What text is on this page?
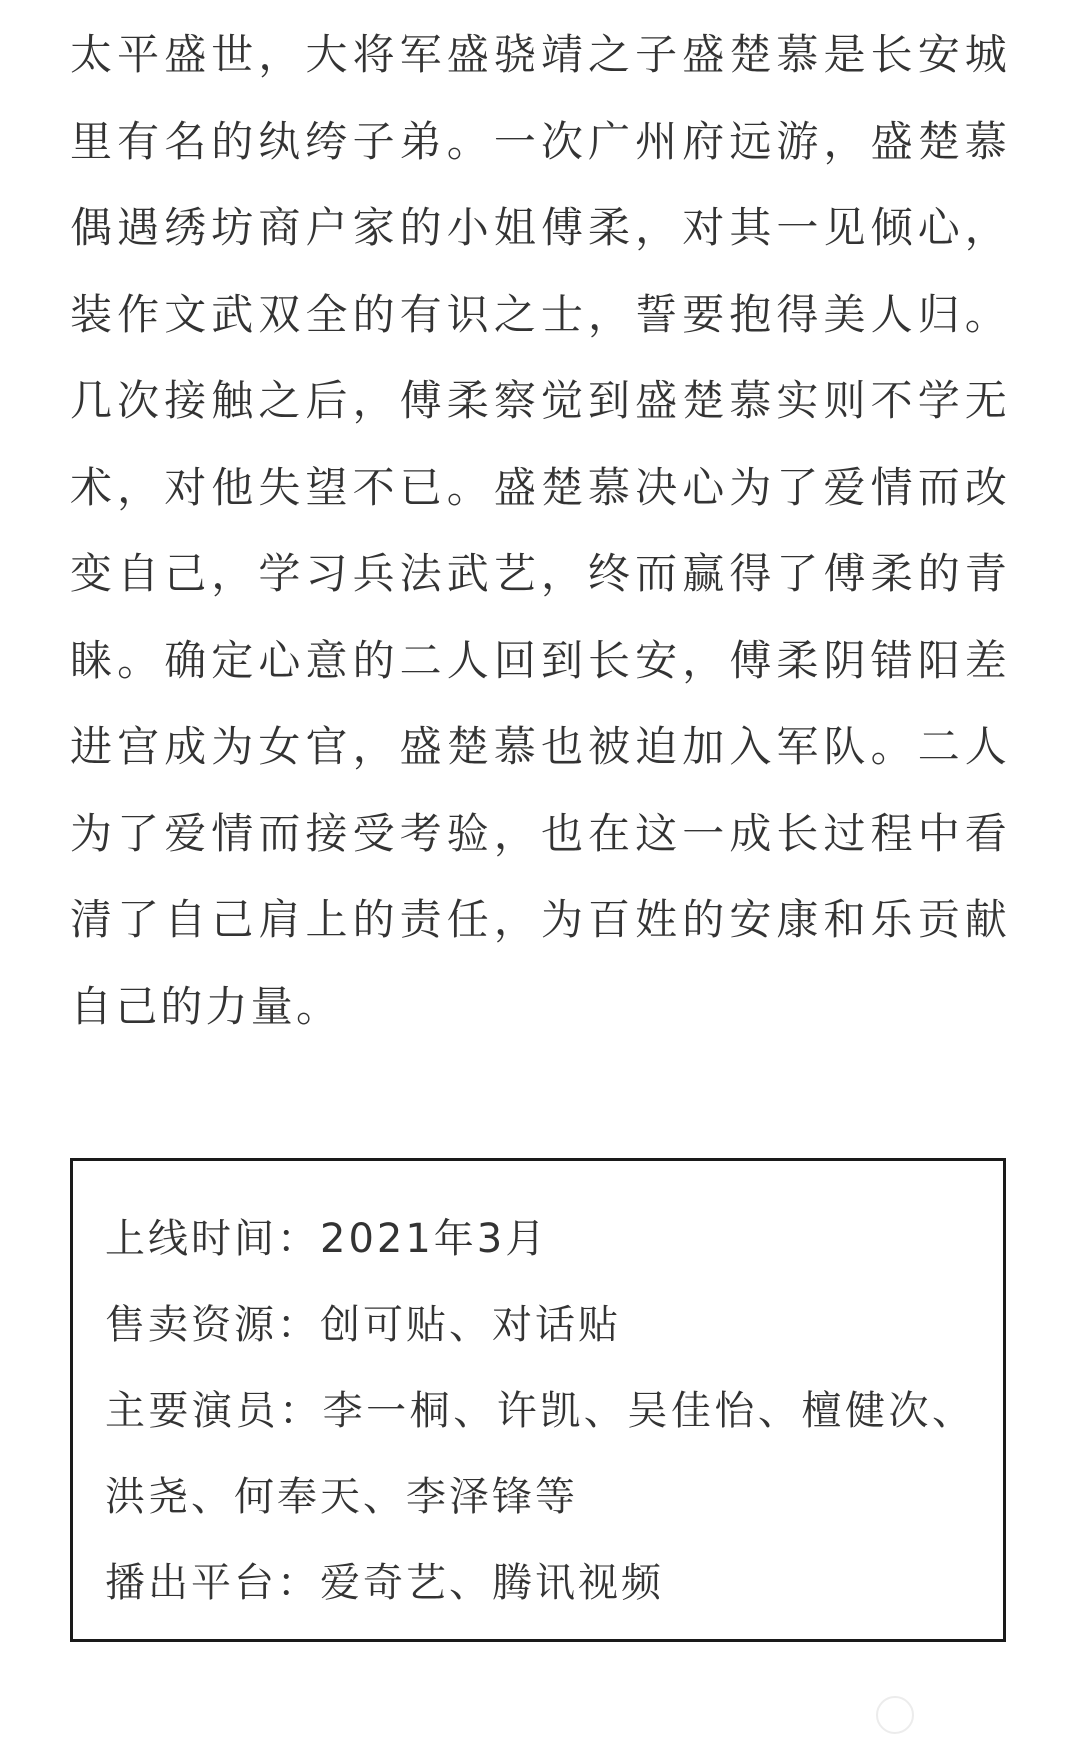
太平盛世，大将军盛骁靖之子盛楚慕是长安城里有名的纨绔子弟。一次广州府远游，盛楚慕偶遇绣坊商户家的小姐傅柔，对其一见倾心，装作文武双全的有识之士，誓要抱得美人归。几次接触之后，傅柔察觉到盛楚慕实则不学无术，对他失望不已。盛楚慕决心为了爱情而改变自己，学习兵法武艺，终而赢得了傅柔的青睐。确定心意的二人回到长安，傅柔阴错阳差进宫成为女官，盛楚慕也被迫加入军队。二人为了爱情而接受考验，也在这一成长过程中看清了自己肩上的责任，为百姓的安康和乐贡献自己的力量。

上线时间：2021年3月
售卖资源：创可贴、对话贴
主要演员：李一桐、许凯、吴佳怡、檀健次、洪尧、何奉天、李泽锋等
播出平台：爱奇艺、腾讯视频
